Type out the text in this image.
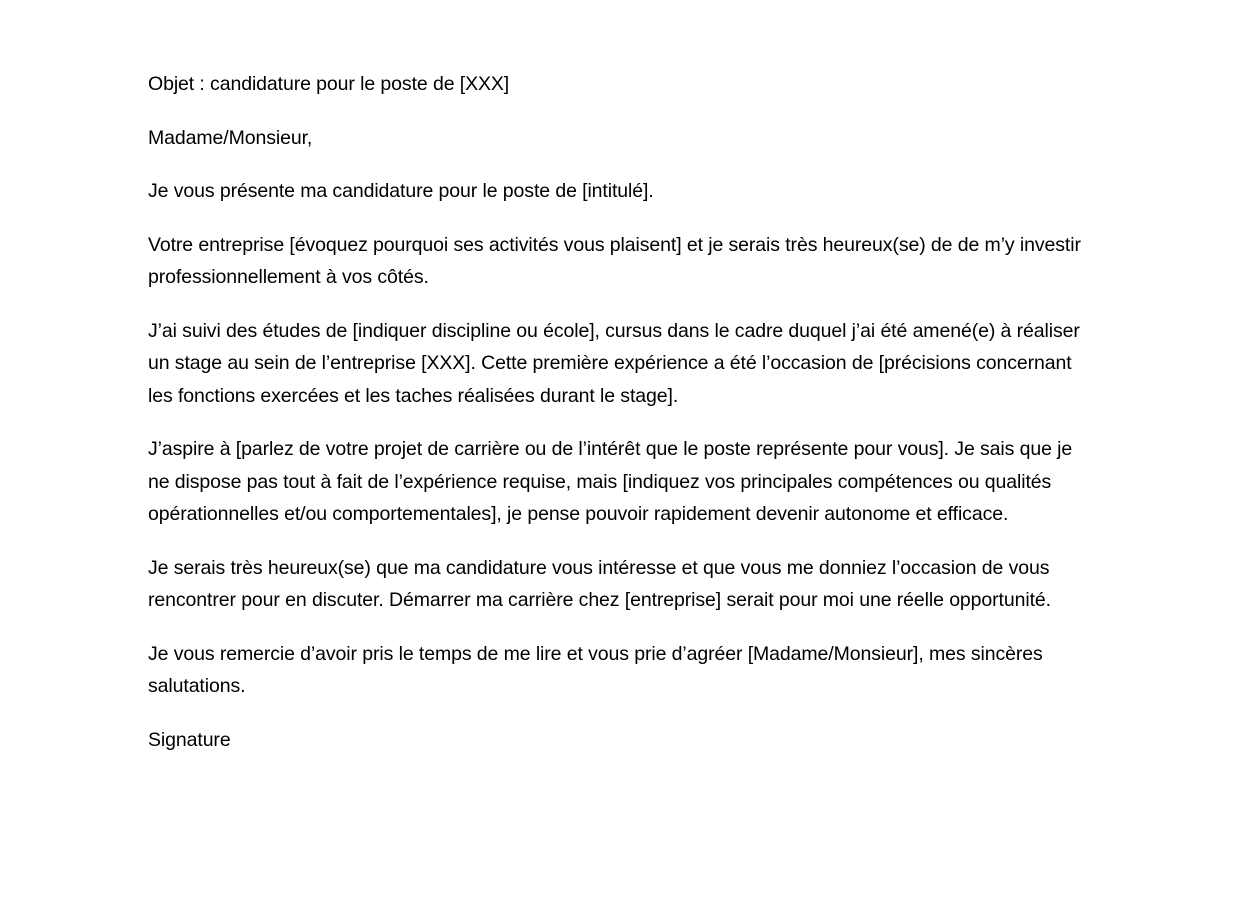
Objet : candidature pour le poste de [XXX]

Madame/Monsieur,

Je vous présente ma candidature pour le poste de [intitulé].

Votre entreprise [évoquez pourquoi ses activités vous plaisent] et je serais très heureux(se) de de m’y investir professionnellement à vos côtés.

J’ai suivi des études de [indiquer discipline ou école], cursus dans le cadre duquel j’ai été amené(e) à réaliser un stage au sein de l’entreprise [XXX]. Cette première expérience a été l’occasion de [précisions concernant les fonctions exercées et les taches réalisées durant le stage].

J’aspire à [parlez de votre projet de carrière ou de l’intérêt que le poste représente pour vous]. Je sais que je ne dispose pas tout à fait de l’expérience requise, mais [indiquez vos principales compétences ou qualités opérationnelles et/ou comportementales], je pense pouvoir rapidement devenir autonome et efficace.

Je serais très heureux(se) que ma candidature vous intéresse et que vous me donniez l’occasion de vous rencontrer pour en discuter. Démarrer ma carrière chez [entreprise] serait pour moi une réelle opportunité.

Je vous remercie d’avoir pris le temps de me lire et vous prie d’agréer [Madame/Monsieur], mes sincères salutations.

Signature
